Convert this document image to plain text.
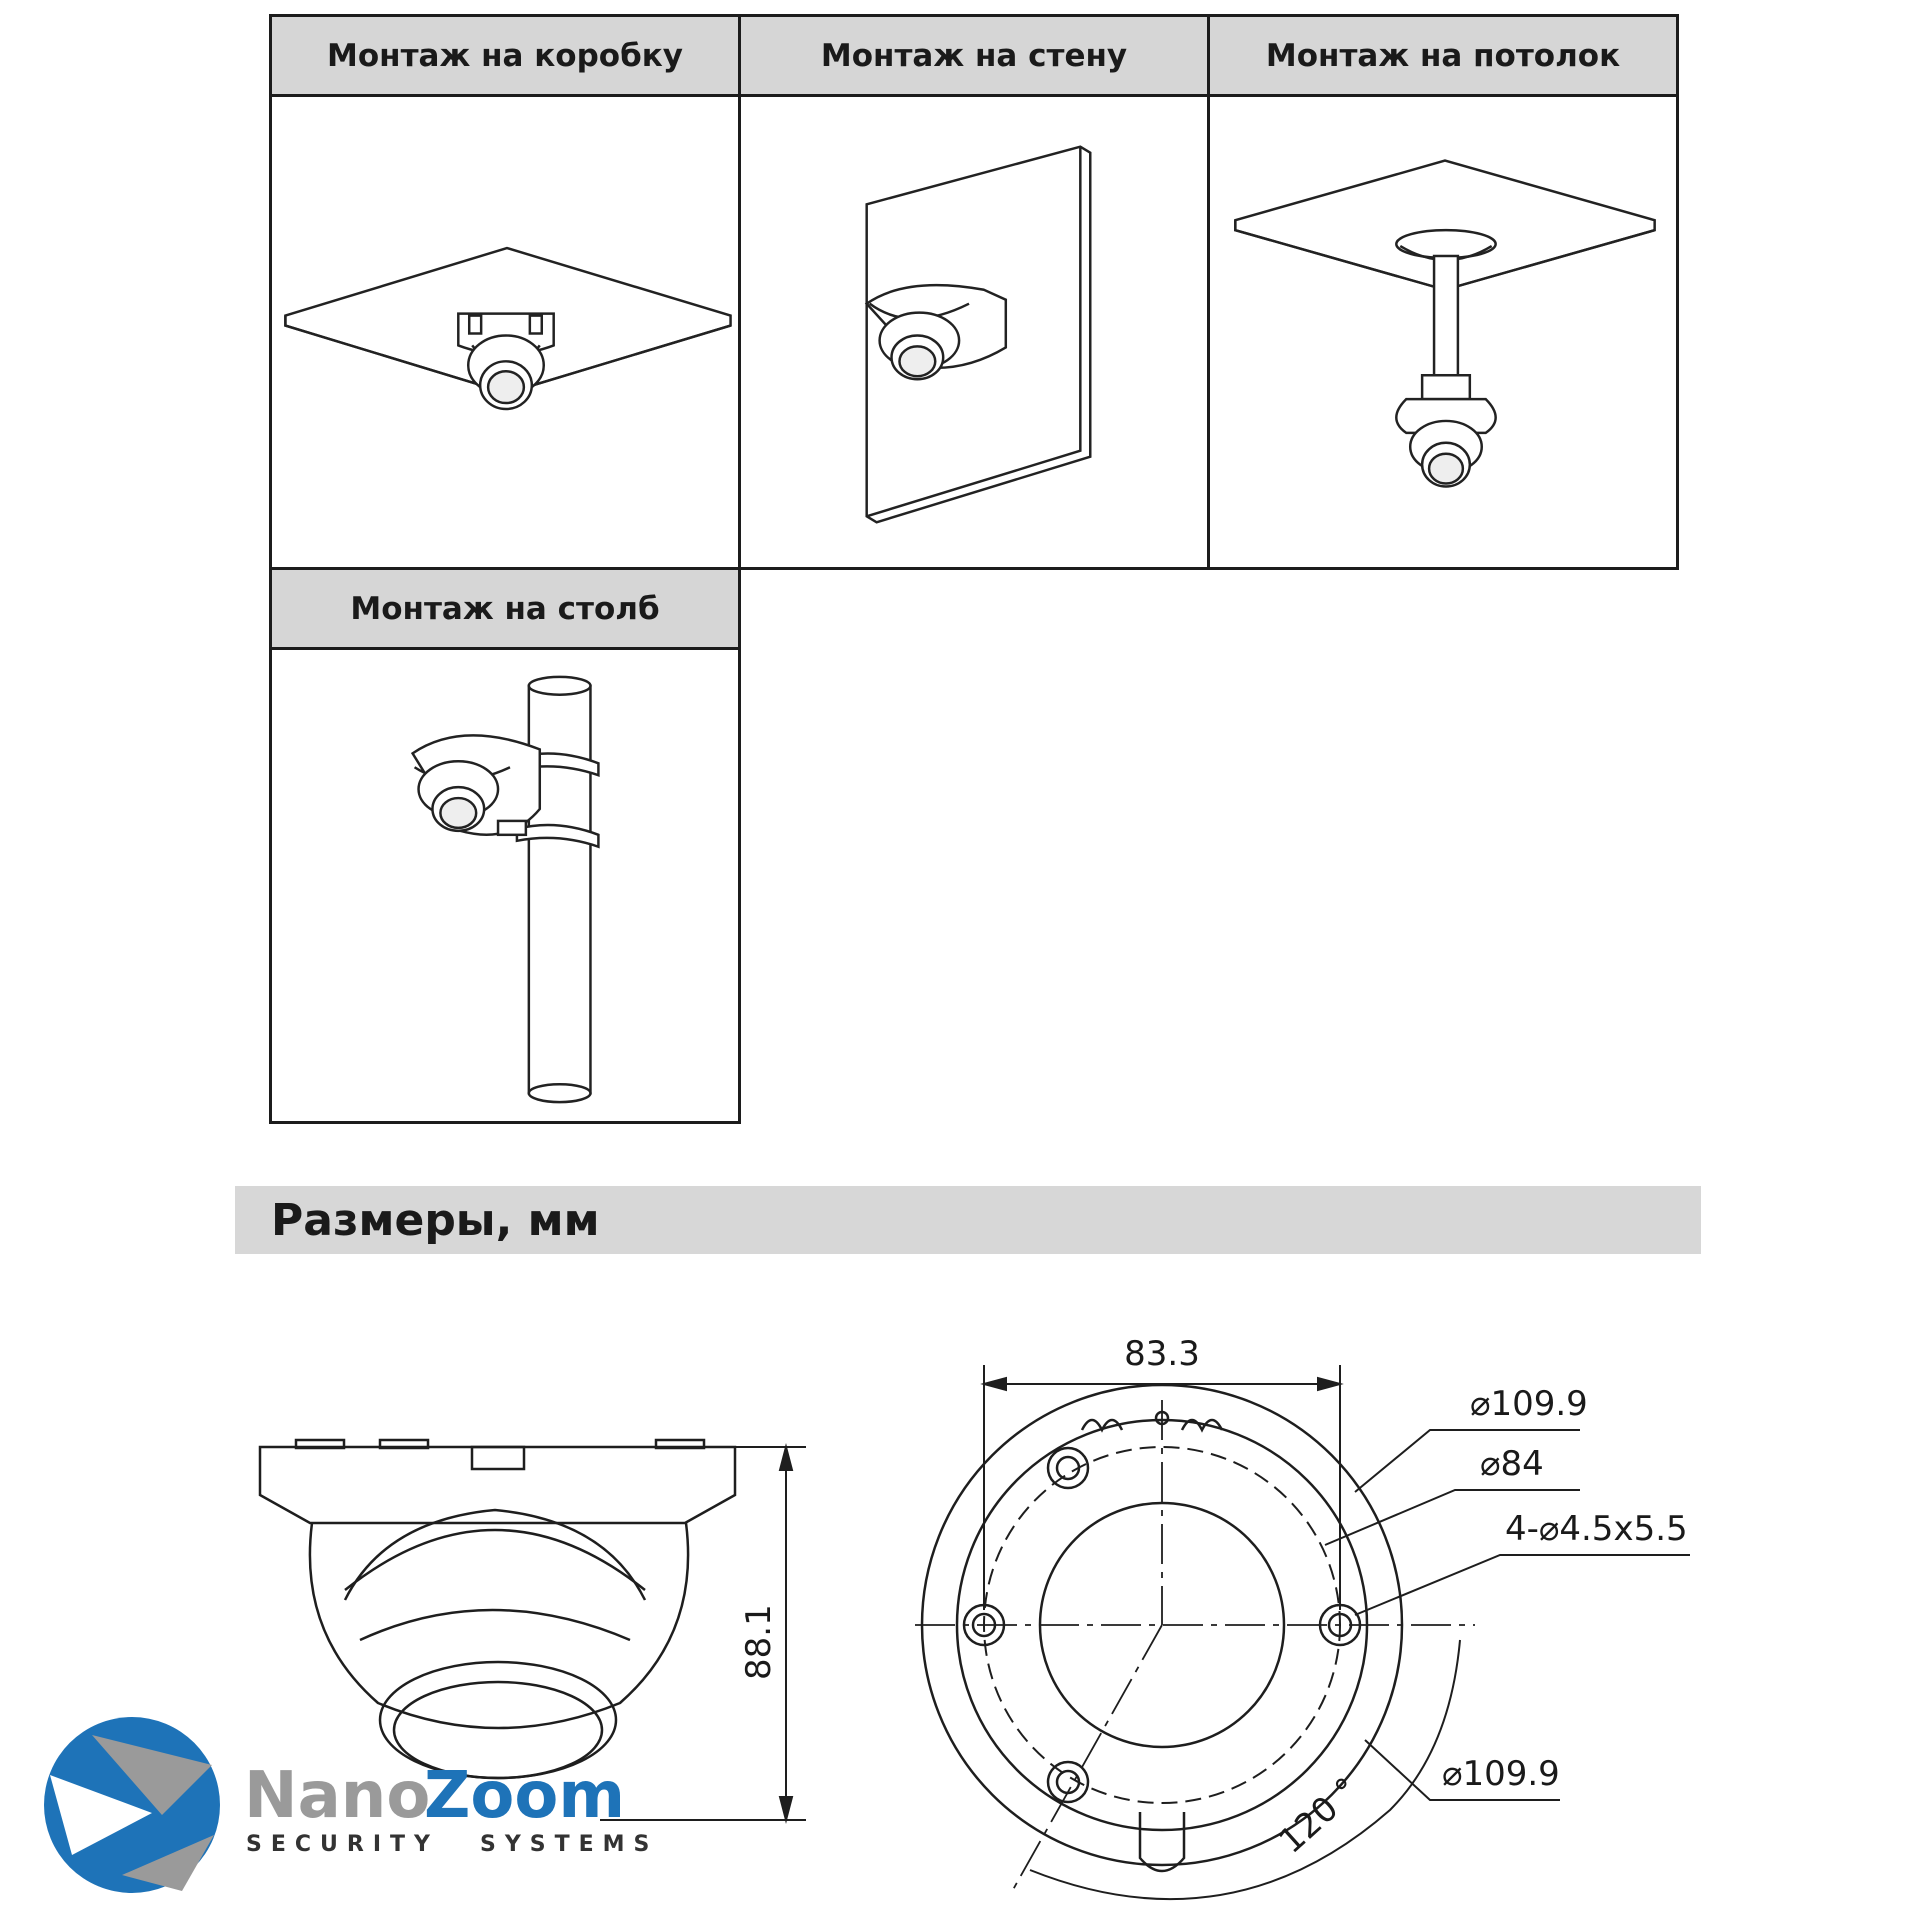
Монтаж на коробку	Монтаж на стену	Монтаж на потолок
Монтаж на столб
Размеры, мм
88.1
83.3
⌀109.9
⌀84
4-⌀4.5x5.5
⌀109.9
120 °
Nano
Zoom
SECURITY SYSTEMS
